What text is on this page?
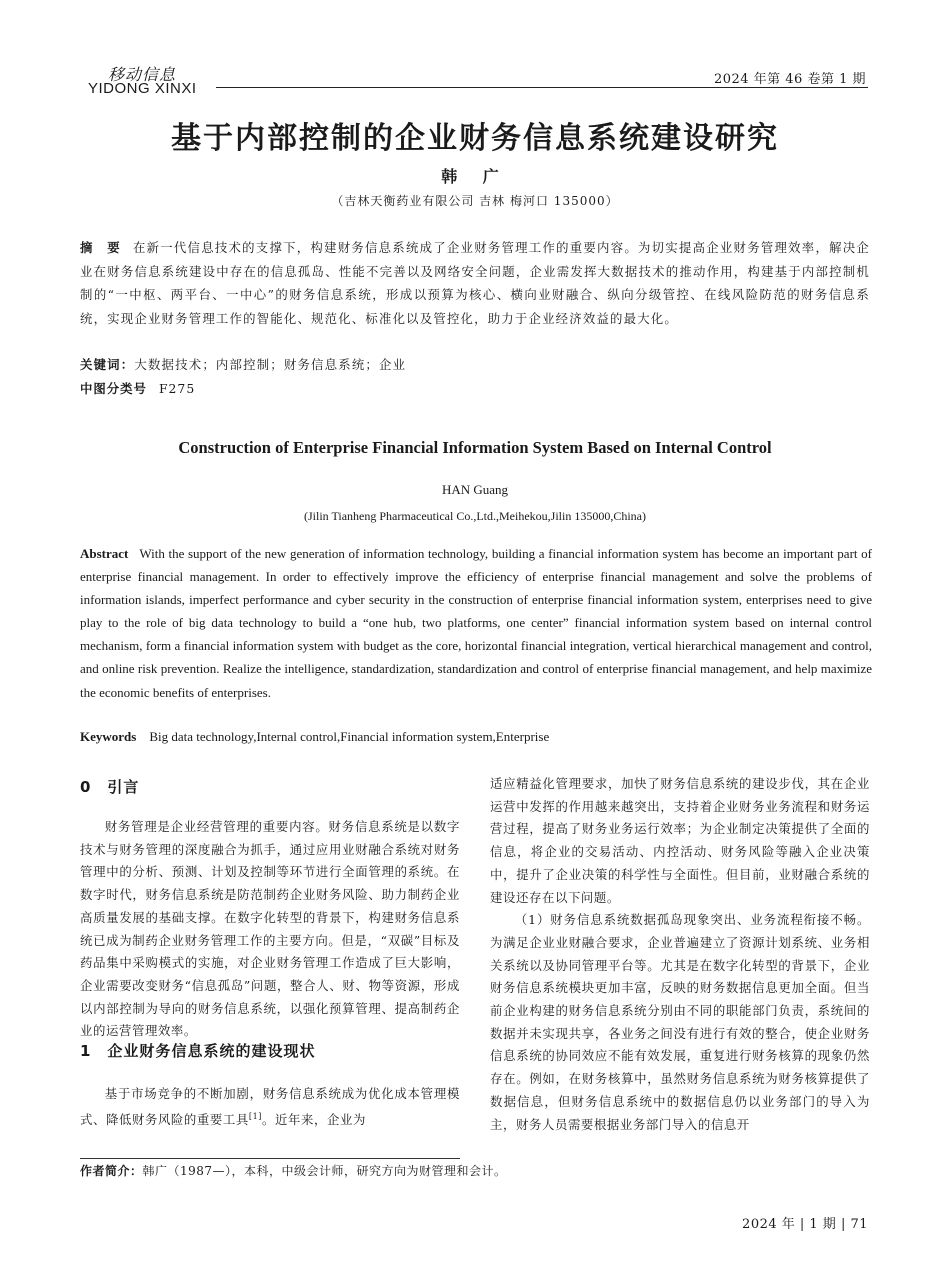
移动信息
YIDONG XINXI
2024 年第 46 卷第 1 期
基于内部控制的企业财务信息系统建设研究
韩 广
（吉林天衡药业有限公司 吉林 梅河口 135000）
摘　要 在新一代信息技术的支撑下，构建财务信息系统成了企业财务管理工作的重要内容。为切实提高企业财务管理效率，解决企业在财务信息系统建设中存在的信息孤岛、性能不完善以及网络安全问题，企业需发挥大数据技术的推动作用，构建基于内部控制机制的“一中枢、两平台、一中心”的财务信息系统，形成以预算为核心、横向业财融合、纵向分级管控、在线风险防范的财务信息系统，实现企业财务管理工作的智能化、规范化、标准化以及管控化，助力于企业经济效益的最大化。
关键词：大数据技术；内部控制；财务信息系统；企业
中图分类号 F275
Construction of Enterprise Financial Information System Based on Internal Control
HAN Guang
(Jilin Tianheng Pharmaceutical Co.,Ltd.,Meihekou,Jilin 135000,China)
Abstract With the support of the new generation of information technology, building a financial information system has become an important part of enterprise financial management. In order to effectively improve the efficiency of enterprise financial management and solve the problems of information islands, imperfect performance and cyber security in the construction of enterprise financial information system, enterprises need to give play to the role of big data technology to build a “one hub, two platforms, one center” financial information system based on internal control mechanism, form a financial information system with budget as the core, horizontal financial integration, vertical hierarchical management and control, and online risk prevention. Realize the intelligence, standardization, standardization and control of enterprise financial management, and help maximize the economic benefits of enterprises.
Keywords Big data technology,Internal control,Financial information system,Enterprise
0　引言

财务管理是企业经营管理的重要内容。财务信息系统是以数字技术与财务管理的深度融合为抓手，通过应用业财融合系统对财务管理中的分析、预测、计划及控制等环节进行全面管理的系统。在数字时代，财务信息系统是防范制药企业财务风险、助力制药企业高质量发展的基础支撑。在数字化转型的背景下，构建财务信息系统已成为制药企业财务管理工作的主要方向。但是，“双碳”目标及药品集中采购模式的实施，对企业财务管理工作造成了巨大影响，企业需要改变财务“信息孤岛”问题，整合人、财、物等资源，形成以内部控制为导向的财务信息系统，以强化预算管理、提高制药企业的运营管理效率。

1　企业财务信息系统的建设现状

基于市场竞争的不断加剧，财务信息系统成为优化成本管理模式、降低财务风险的重要工具[1]。近年来，企业为

适应精益化管理要求，加快了财务信息系统的建设步伐，其在企业运营中发挥的作用越来越突出，支持着企业财务业务流程和财务运营过程，提高了财务业务运行效率；为企业制定决策提供了全面的信息，将企业的交易活动、内控活动、财务风险等融入企业决策中，提升了企业决策的科学性与全面性。但目前，业财融合系统的建设还存在以下问题。

（1）财务信息系统数据孤岛现象突出、业务流程衔接不畅。为满足企业业财融合要求，企业普遍建立了资源计划系统、业务相关系统以及协同管理平台等。尤其是在数字化转型的背景下，企业财务信息系统模块更加丰富，反映的财务数据信息更加全面。但当前企业构建的财务信息系统分别由不同的职能部门负责，系统间的数据并未实现共享，各业务之间没有进行有效的整合，使企业财务信息系统的协同效应不能有效发展，重复进行财务核算的现象仍然存在。例如，在财务核算中，虽然财务信息系统为财务核算提供了数据信息，但财务信息系统中的数据信息仍以业务部门的导入为主，财务人员需要根据业务部门导入的信息开

作者简介：韩广（1987—），本科，中级会计师，研究方向为财管理和会计。
2024 年 | 1 期 | 71
